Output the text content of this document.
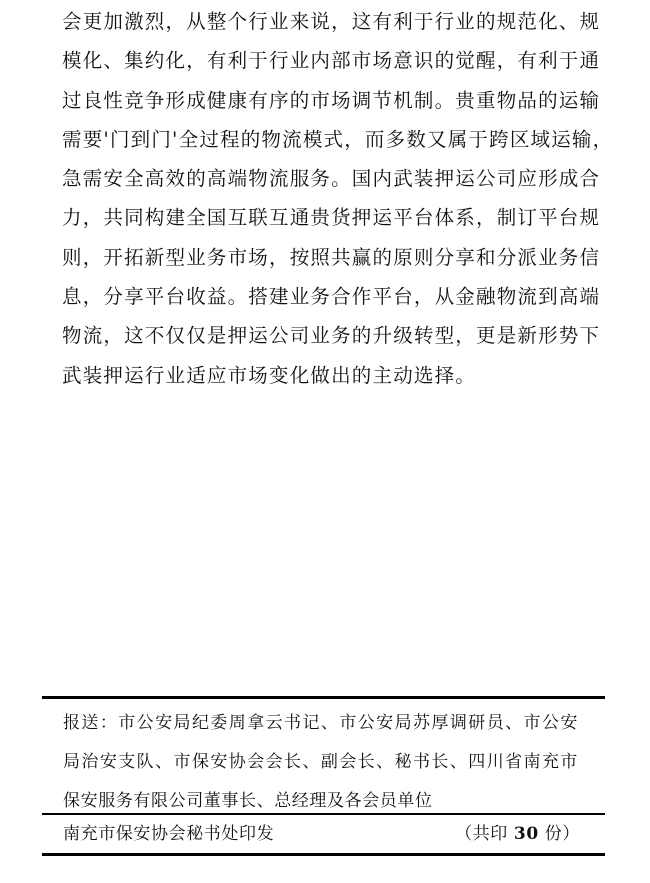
会更加激烈，从整个行业来说，这有利于行业的规范化、规
模化、集约化，有利于行业内部市场意识的觉醒，有利于通
过良性竞争形成健康有序的市场调节机制。贵重物品的运输
需要'门到门'全过程的物流模式，而多数又属于跨区域运输，
急需安全高效的高端物流服务。国内武装押运公司应形成合
力，共同构建全国互联互通贵货押运平台体系，制订平台规
则，开拓新型业务市场，按照共赢的原则分享和分派业务信
息，分享平台收益。搭建业务合作平台，从金融物流到高端
物流，这不仅仅是押运公司业务的升级转型，更是新形势下
武装押运行业适应市场变化做出的主动选择。
报送：市公安局纪委周拿云书记、市公安局苏厚调研员、市公安
局治安支队、市保安协会会长、副会长、秘书长、四川省南充市
保安服务有限公司董事长、总经理及各会员单位
南充市保安协会秘书处印发	（共印 30 份）
